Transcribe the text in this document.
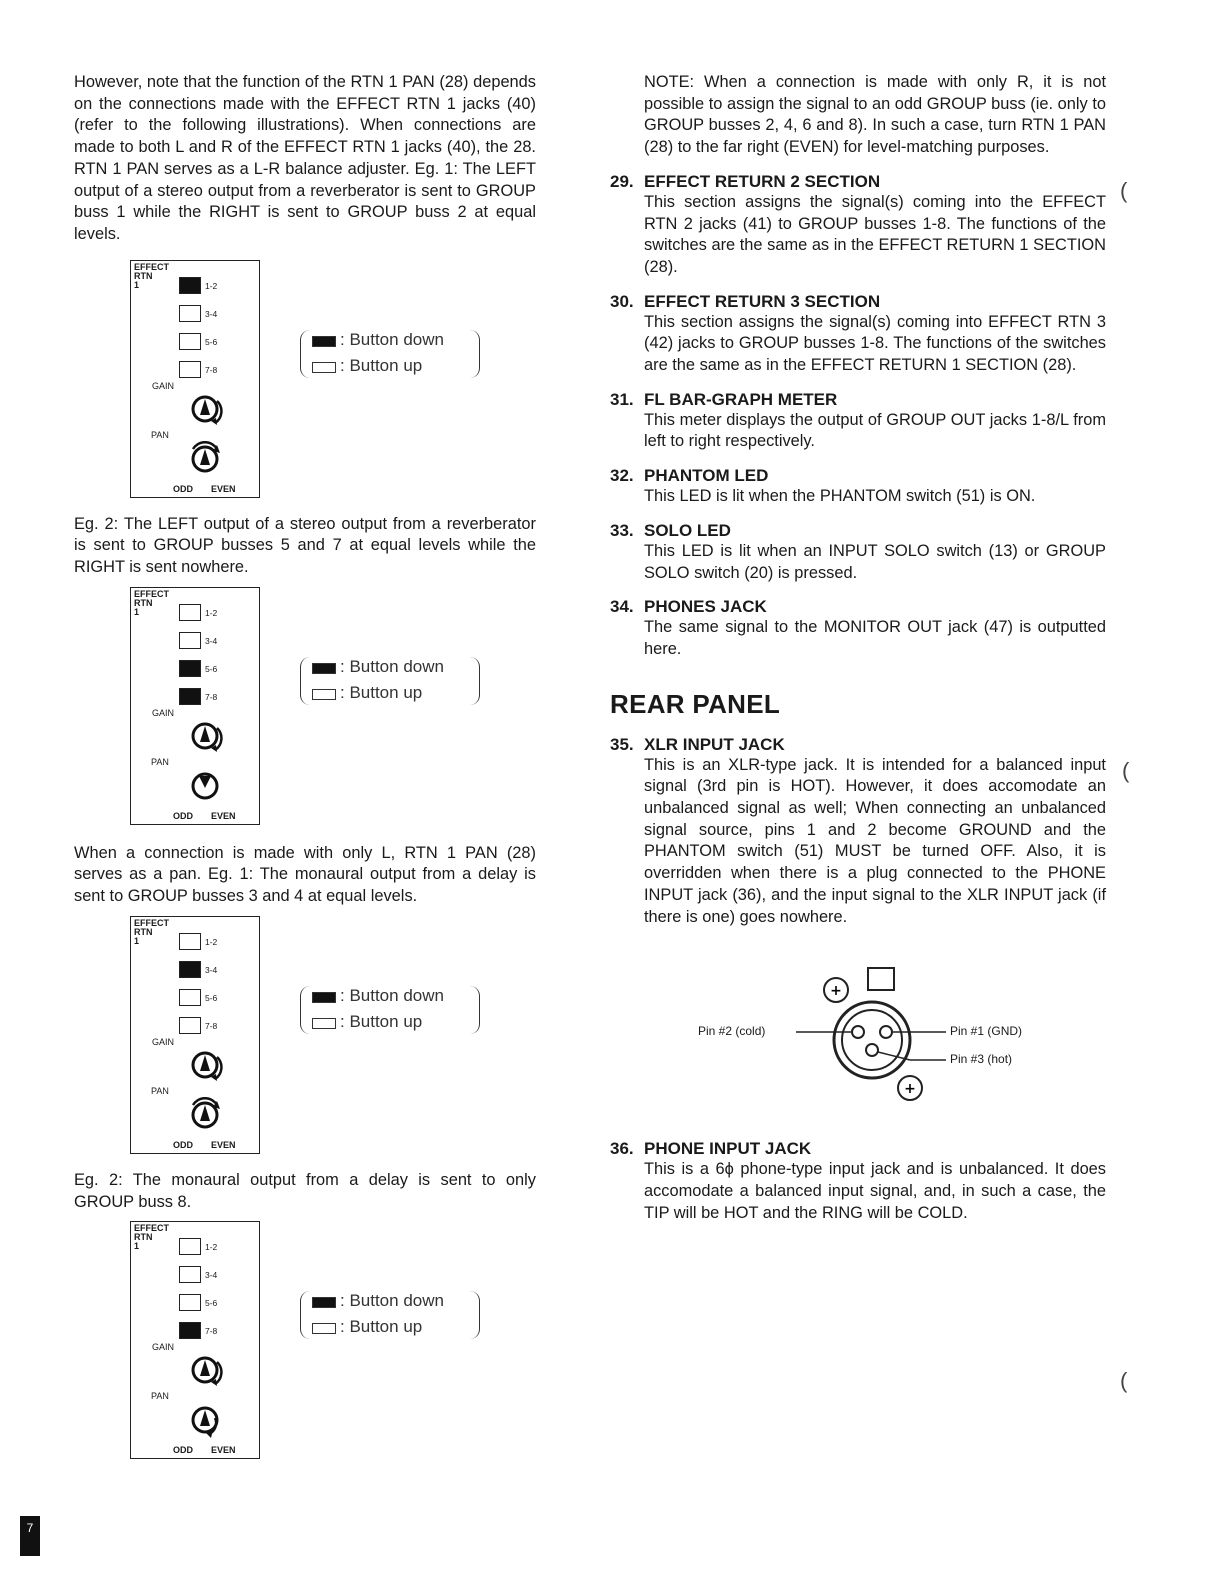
However, note that the function of the RTN 1 PAN (28) depends on the connections made with the EFFECT RTN 1 jacks (40) (refer to the following illustrations). When connections are made to both L and R of the EFFECT RTN 1 jacks (40), the 28. RTN 1 PAN serves as a L-R balance adjuster. Eg. 1: The LEFT output of a stereo output from a reverberator is sent to GROUP buss 1 while the RIGHT is sent to GROUP buss 2 at equal levels.

EFFECT
RTN
1	1-2
3-4
5-6
7-8
GAIN
PAN
ODD EVEN
: Button down
: Button up

Eg. 2: The LEFT output of a stereo output from a reverberator is sent to GROUP busses 5 and 7 at equal levels while the RIGHT is sent nowhere.

EFFECT
RTN
1	1-2
3-4
5-6
7-8
GAIN
PAN
ODD EVEN
: Button down
: Button up

When a connection is made with only L, RTN 1 PAN (28) serves as a pan. Eg. 1: The monaural output from a delay is sent to GROUP busses 3 and 4 at equal levels.

EFFECT
RTN
1	1-2
3-4
5-6
7-8
GAIN
PAN
ODD EVEN
: Button down
: Button up

Eg. 2: The monaural output from a delay is sent to only GROUP buss 8.

EFFECT
RTN
1	1-2
3-4
5-6
7-8
GAIN
PAN
ODD EVEN
: Button down
: Button up

NOTE: When a connection is made with only R, it is not possible to assign the signal to an odd GROUP buss (ie. only to GROUP busses 2, 4, 6 and 8). In such a case, turn RTN 1 PAN (28) to the far right (EVEN) for level-matching purposes.

29. EFFECT RETURN 2 SECTION

This section assigns the signal(s) coming into the EFFECT RTN 2 jacks (41) to GROUP busses 1-8. The functions of the switches are the same as in the EFFECT RETURN 1 SECTION (28).

30. EFFECT RETURN 3 SECTION

This section assigns the signal(s) coming into EFFECT RTN 3 (42) jacks to GROUP busses 1-8. The functions of the switches are the same as in the EFFECT RETURN 1 SECTION (28).

31. FL BAR-GRAPH METER

This meter displays the output of GROUP OUT jacks 1-8/L from left to right respectively.

32. PHANTOM LED

This LED is lit when the PHANTOM switch (51) is ON.

33. SOLO LED

This LED is lit when an INPUT SOLO switch (13) or GROUP SOLO switch (20) is pressed.

34. PHONES JACK

The same signal to the MONITOR OUT jack (47) is outputted here.

REAR PANEL
35. XLR INPUT JACK

This is an XLR-type jack. It is intended for a balanced input signal (3rd pin is HOT). However, it does accomodate an unbalanced signal as well; When connecting an unbalanced signal source, pins 1 and 2 become GROUND and the PHANTOM switch (51) MUST be turned OFF. Also, it is overridden when there is a plug connected to the PHONE INPUT jack (36), and the input signal to the XLR INPUT jack (if there is one) goes nowhere.

+
+
Pin #2 (cold)	Pin #1 (GND)
Pin #3 (hot)
36. PHONE INPUT JACK

This is a 6ϕ phone-type input jack and is unbalanced. It does accomodate a balanced input signal, and, in such a case, the TIP will be HOT and the RING will be COLD.

(
(
(
7
